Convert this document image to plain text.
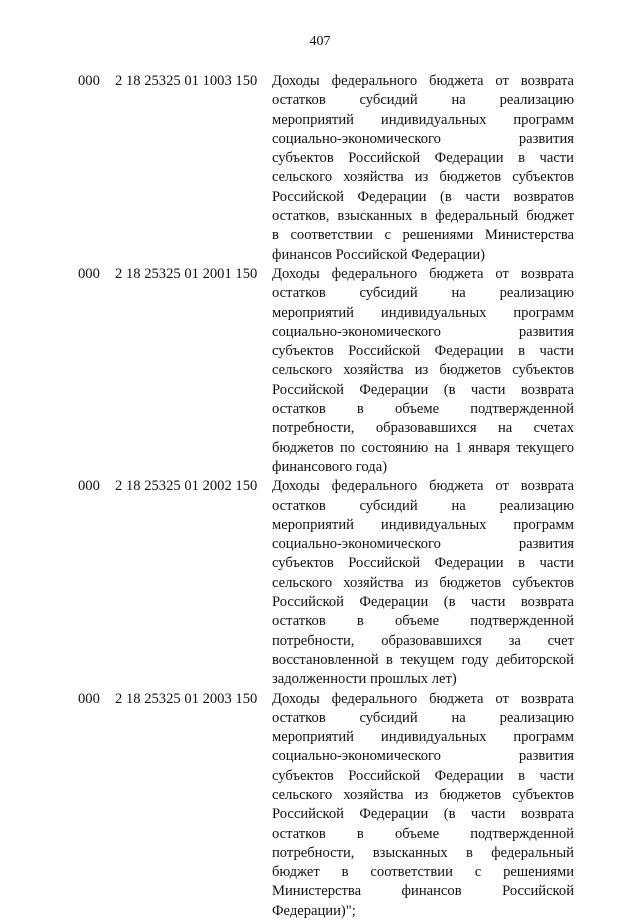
407
000 2 18 25325 01 1003 150 Доходы федерального бюджета от возврата
остатков субсидий на реализацию
мероприятий индивидуальных программ
социально-экономического развития
субъектов Российской Федерации в части
сельского хозяйства из бюджетов субъектов
Российской Федерации (в части возвратов
остатков, взысканных в федеральный бюджет
в соответствии с решениями Министерства
финансов Российской Федерации)
000 2 18 25325 01 2001 150 Доходы федерального бюджета от возврата
остатков субсидий на реализацию
мероприятий индивидуальных программ
социально-экономического развития
субъектов Российской Федерации в части
сельского хозяйства из бюджетов субъектов
Российской Федерации (в части возврата
остатков в объеме подтвержденной
потребности, образовавшихся на счетах
бюджетов по состоянию на 1 января текущего
финансового года)
000 2 18 25325 01 2002 150 Доходы федерального бюджета от возврата
остатков субсидий на реализацию
мероприятий индивидуальных программ
социально-экономического развития
субъектов Российской Федерации в части
сельского хозяйства из бюджетов субъектов
Российской Федерации (в части возврата
остатков в объеме подтвержденной
потребности, образовавшихся за счет
восстановленной в текущем году дебиторской
задолженности прошлых лет)
000 2 18 25325 01 2003 150 Доходы федерального бюджета от возврата
остатков субсидий на реализацию
мероприятий индивидуальных программ
социально-экономического развития
субъектов Российской Федерации в части
сельского хозяйства из бюджетов субъектов
Российской Федерации (в части возврата
остатков в объеме подтвержденной
потребности, взысканных в федеральный
бюджет в соответствии с решениями
Министерства финансов Российской
Федерации)";
